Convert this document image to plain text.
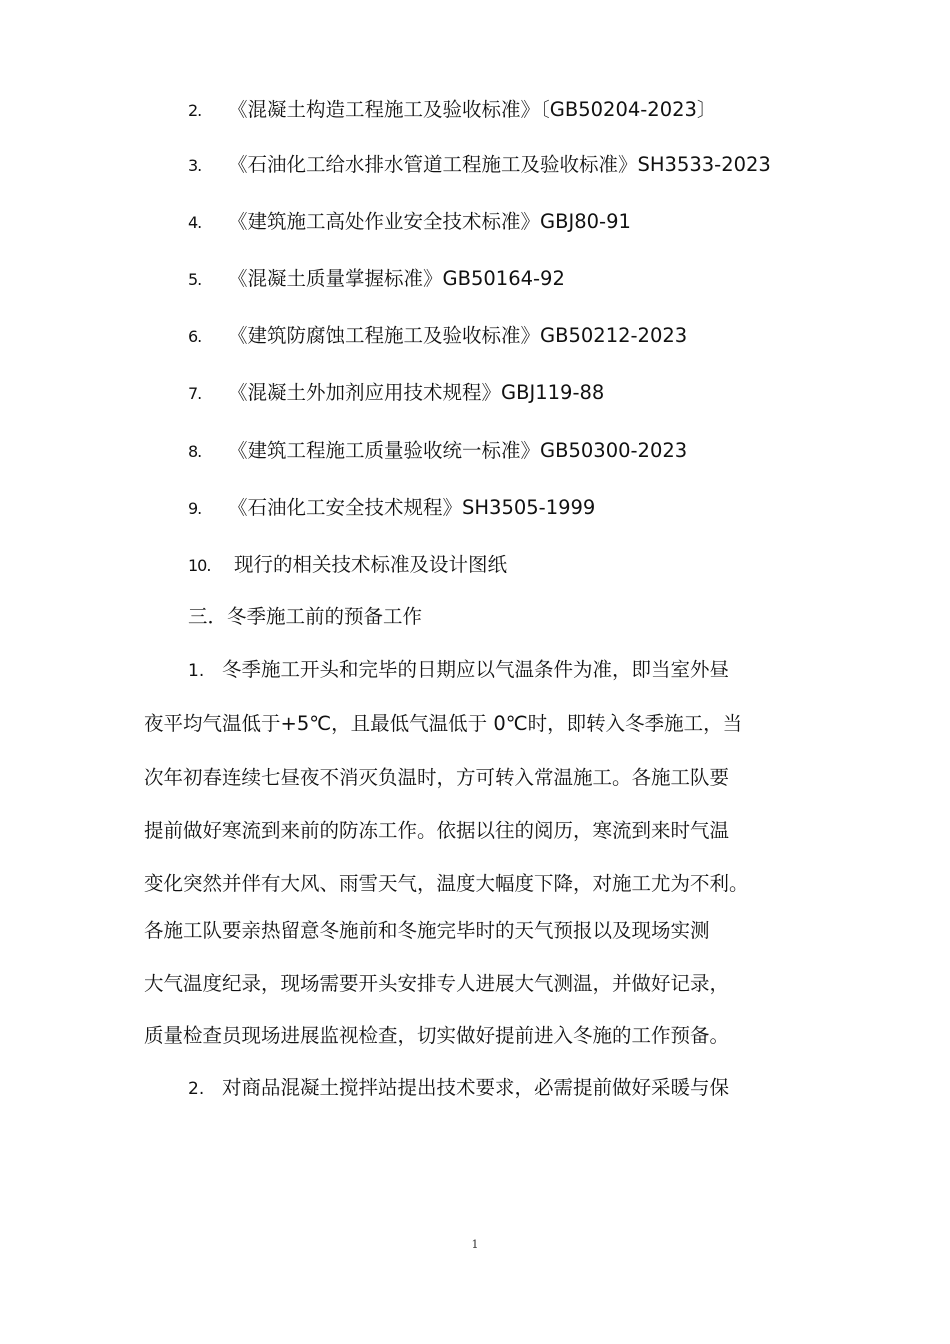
2. 《混凝土构造工程施工及验收标准》〔GB50204-2023〕
3. 《石油化工给水排水管道工程施工及验收标准》SH3533-2023
4. 《建筑施工高处作业安全技术标准》GBJ80-91
5. 《混凝土质量掌握标准》GB50164-92
6. 《建筑防腐蚀工程施工及验收标准》GB50212-2023
7. 《混凝土外加剂应用技术规程》GBJ119-88
8. 《建筑工程施工质量验收统一标准》GB50300-2023
9. 《石油化工安全技术规程》SH3505-1999
10. 现行的相关技术标准及设计图纸
三．冬季施工前的预备工作
1. 冬季施工开头和完毕的日期应以气温条件为准，即当室外昼
夜平均气温低于+5℃，且最低气温低于 0℃时，即转入冬季施工，当
次年初春连续七昼夜不消灭负温时，方可转入常温施工。各施工队要
提前做好寒流到来前的防冻工作。依据以往的阅历，寒流到来时气温
变化突然并伴有大风、雨雪天气，温度大幅度下降，对施工尤为不利。
各施工队要亲热留意冬施前和冬施完毕时的天气预报以及现场实测
大气温度纪录，现场需要开头安排专人进展大气测温，并做好记录，
质量检查员现场进展监视检查，切实做好提前进入冬施的工作预备。
2. 对商品混凝土搅拌站提出技术要求，必需提前做好采暖与保
1
